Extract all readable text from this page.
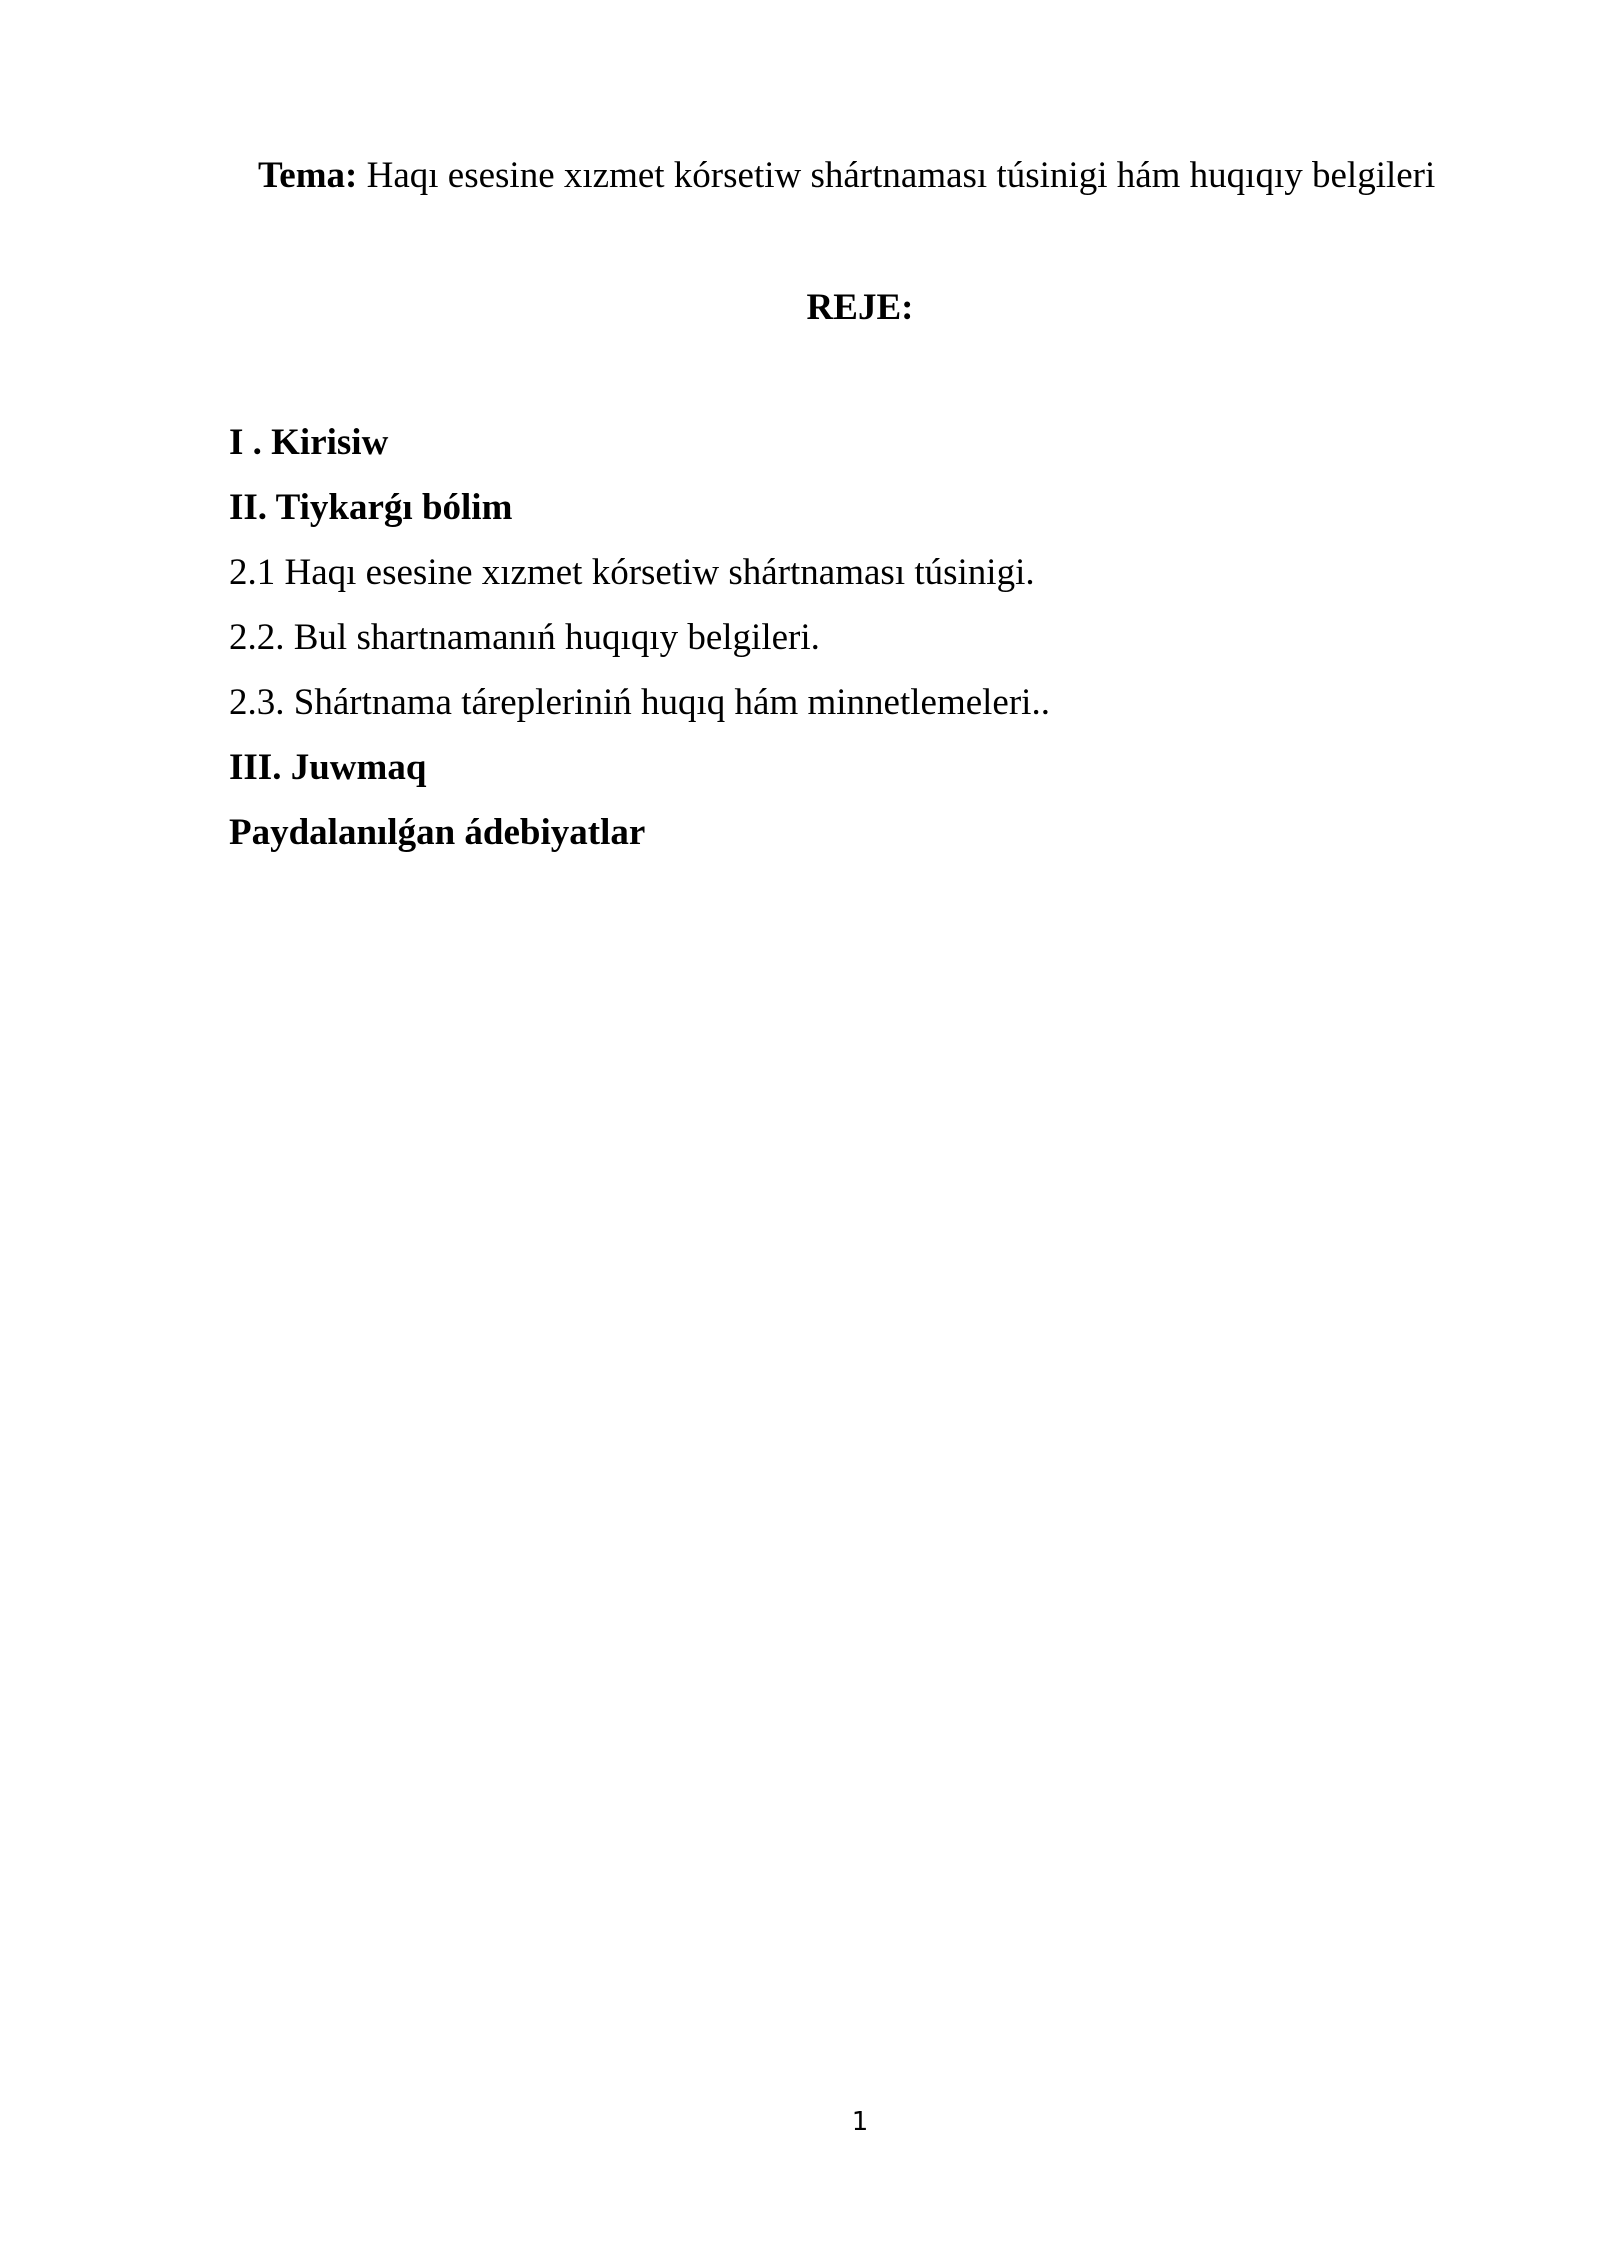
Tema: Haqı esesine xızmet kórsetiw shártnaması túsinigi hám huqıqıy belgileri
REJE:
I . Kirisiw
II. Tiykarǵı bólim
2.1 Haqı esesine xızmet kórsetiw shártnaması túsinigi.
2.2. Bul shartnamanıń huqıqıy belgileri.
2.3. Shártnama tárepleriniń huqıq hám minnetlemeleri..
III. Juwmaq
Paydalanılǵan ádebiyatlar
1
